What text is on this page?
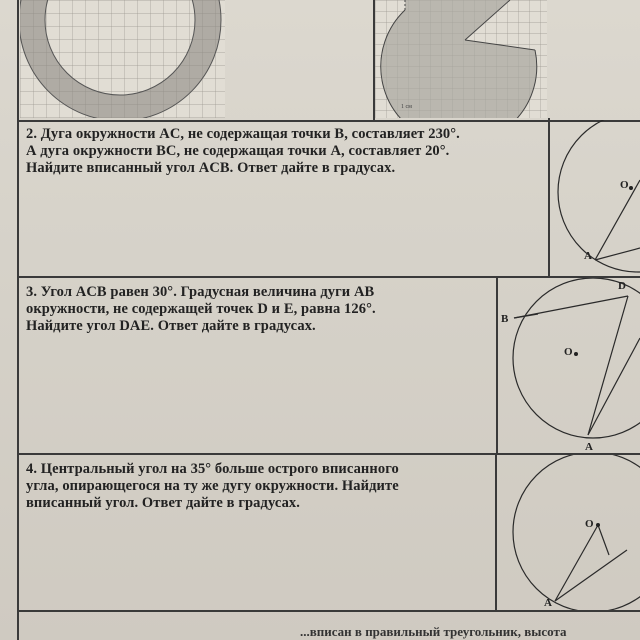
1 см
2. Дуга окружности AC, не содержащая точки B, составляет 230°.
А дуга окружности BC, не содержащая точки A, составляет 20°.
Найдите вписанный угол ACB. Ответ дайте в градусах.
O
A
3. Угол ACB равен 30°. Градусная величина дуги AB
окружности, не содержащей точек D и E, равна 126°.
Найдите угол DAE. Ответ дайте в градусах.	B
D
O
A
4. Центральный угол на 35° больше острого вписанного
угла, опирающегося на ту же дугу окружности. Найдите
вписанный угол. Ответ дайте в градусах.
O
A
...вписан в правильный треугольник, высота
